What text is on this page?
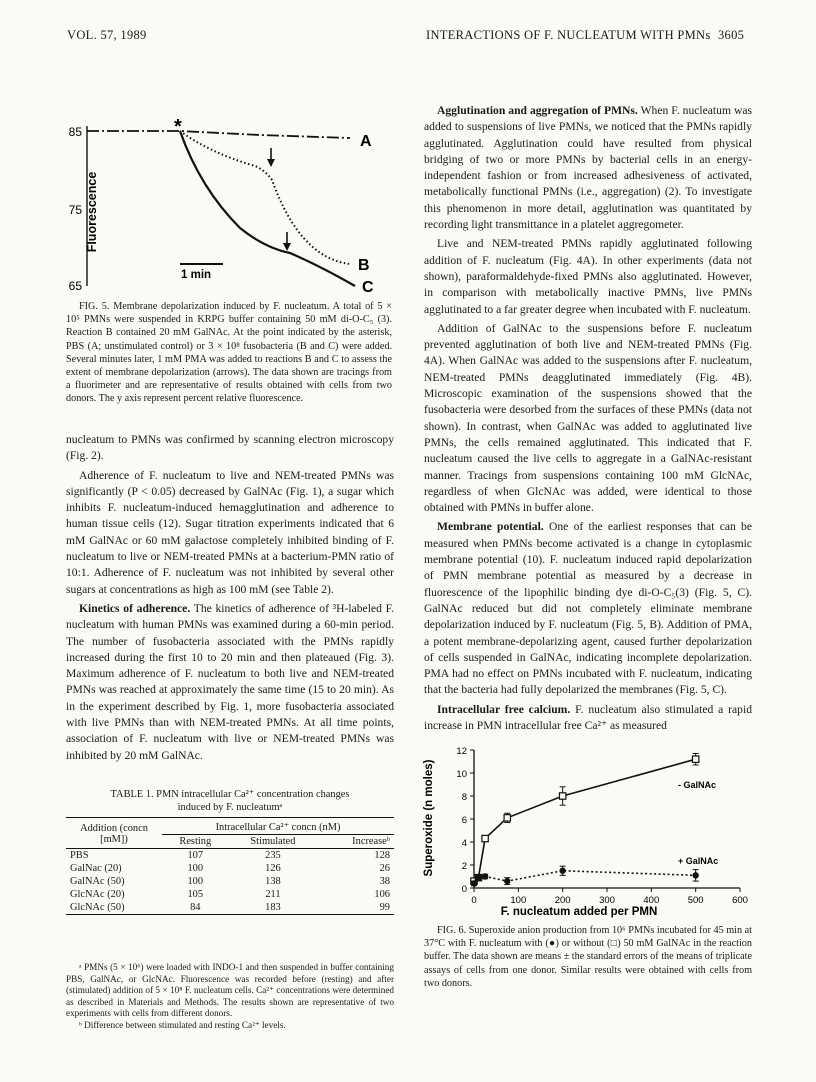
VOL. 57, 1989	INTERACTIONS OF F. NUCLEATUM WITH PMNs 3605
85
75
65
Fluorescence
*
A
B
C
1 min

FIG. 5. Membrane depolarization induced by F. nucleatum. A total of 5 × 10⁵ PMNs were suspended in KRPG buffer containing 50 mM di-O-C₅ (3). Reaction B contained 20 mM GalNAc. At the point indicated by the asterisk, PBS (A; unstimulated control) or 3 × 10⁸ fusobacteria (B and C) were added. Several minutes later, 1 mM PMA was added to reactions B and C to assess the extent of membrane depolarization (arrows). The data shown are tracings from a fluorimeter and are representative of results obtained with cells from two donors. The y axis represent percent relative fluorescence.

nucleatum to PMNs was confirmed by scanning electron microscopy (Fig. 2).

Adherence of F. nucleatum to live and NEM-treated PMNs was significantly (P < 0.05) decreased by GalNAc (Fig. 1), a sugar which inhibits F. nucleatum-induced hemagglutination and adherence to human tissue cells (12). Sugar titration experiments indicated that 6 mM GalNAc or 60 mM galactose completely inhibited binding of F. nucleatum to live or NEM-treated PMNs at a bacterium-PMN ratio of 10:1. Adherence of F. nucleatum was not inhibited by several other sugars at concentrations as high as 100 mM (see Table 2).

Kinetics of adherence. The kinetics of adherence of ³H-labeled F. nucleatum with human PMNs was examined during a 60-min period. The number of fusobacteria associated with the PMNs rapidly increased during the first 10 to 20 min and then plateaued (Fig. 3). Maximum adherence of F. nucleatum to both live and NEM-treated PMNs was reached at approximately the same time (15 to 20 min). As in the experiment described by Fig. 1, more fusobacteria associated with live PMNs than with NEM-treated PMNs. At all time points, association of F. nucleatum with live or NEM-treated PMNs was inhibited by 20 mM GalNAc.

TABLE 1. PMN intracellular Ca²⁺ concentration changes
induced by F. nucleatumᵃ
Addition (concn [mM])	Intracellular Ca²⁺ concn (nM)		
	Resting	Stimulated	Increaseᵇ
PBS	107	235	128
GalNac (20)	100	126	26
GalNAc (50)	100	138	38
GlcNAc (20)	105	211	106
GlcNAc (50)	84	183	99
ᵃ PMNs (5 × 10⁶) were loaded with INDO-1 and then suspended in buffer containing PBS, GalNAc, or GlcNAc. Fluorescence was recorded before (resting) and after (stimulated) addition of 5 × 10⁸ F. nucleatum cells. Ca²⁺ concentrations were determined as described in Materials and Methods. The results shown are representative of two experiments with cells from different donors.
ᵇ Difference between stimulated and resting Ca²⁺ levels.

Agglutination and aggregation of PMNs. When F. nucleatum was added to suspensions of live PMNs, we noticed that the PMNs rapidly agglutinated. Agglutination could have resulted from physical bridging of two or more PMNs by bacterial cells in an energy-independent fashion or from increased adhesiveness of activated, metabolically functional PMNs (i.e., aggregation) (2). To investigate this phenomenon in more detail, agglutination was quantitated by recording light transmittance in a platelet aggregometer.

Live and NEM-treated PMNs rapidly agglutinated following addition of F. nucleatum (Fig. 4A). In other experiments (data not shown), paraformaldehyde-fixed PMNs also agglutinated. However, in comparison with metabolically inactive PMNs, live PMNs agglutinated to a far greater degree when incubated with F. nucleatum.

Addition of GalNAc to the suspensions before F. nucleatum prevented agglutination of both live and NEM-treated PMNs (Fig. 4A). When GalNAc was added to the suspensions after F. nucleatum, NEM-treated PMNs deagglutinated immediately (Fig. 4B). Microscopic examination of the suspensions showed that the fusobacteria were desorbed from the surfaces of these PMNs (data not shown). In contrast, when GalNAc was added to agglutinated live PMNs, the cells remained agglutinated. This indicated that F. nucleatum caused the live cells to aggregate in a GalNAc-resistant manner. Tracings from suspensions containing 100 mM GlcNAc, regardless of when GlcNAc was added, were identical to those obtained with PMNs in buffer alone.

Membrane potential. One of the earliest responses that can be measured when PMNs become activated is a change in cytoplasmic membrane potential (10). F. nucleatum induced rapid depolarization of PMN membrane potential as measured by a decrease in fluorescence of the lipophilic binding dye di-O-C₅(3) (Fig. 5, C). GalNAc reduced but did not completely eliminate membrane depolarization induced by F. nucleatum (Fig. 5, B). Addition of PMA, a potent membrane-depolarizing agent, caused further depolarization of cells suspended in GalNAc, indicating incomplete depolarization. PMA had no effect on PMNs incubated with F. nucleatum, indicating that the bacteria had fully depolarized the membranes (Fig. 5, C).

Intracellular free calcium. F. nucleatum also stimulated a rapid increase in PMN intracellular free Ca²⁺ as measured

0
2
4
6
8
10
12
0	100	200	300	400	500	600
Superoxide (n moles)
F. nucleatum added per PMN
- GalNAc
+ GalNAc

FIG. 6. Superoxide anion production from 10⁶ PMNs incubated for 45 min at 37°C with F. nucleatum with (●) or without (□) 50 mM GalNAc in the reaction buffer. The data shown are means ± the standard errors of the means of triplicate assays of cells from one donor. Similar results were obtained with cells from two donors.
